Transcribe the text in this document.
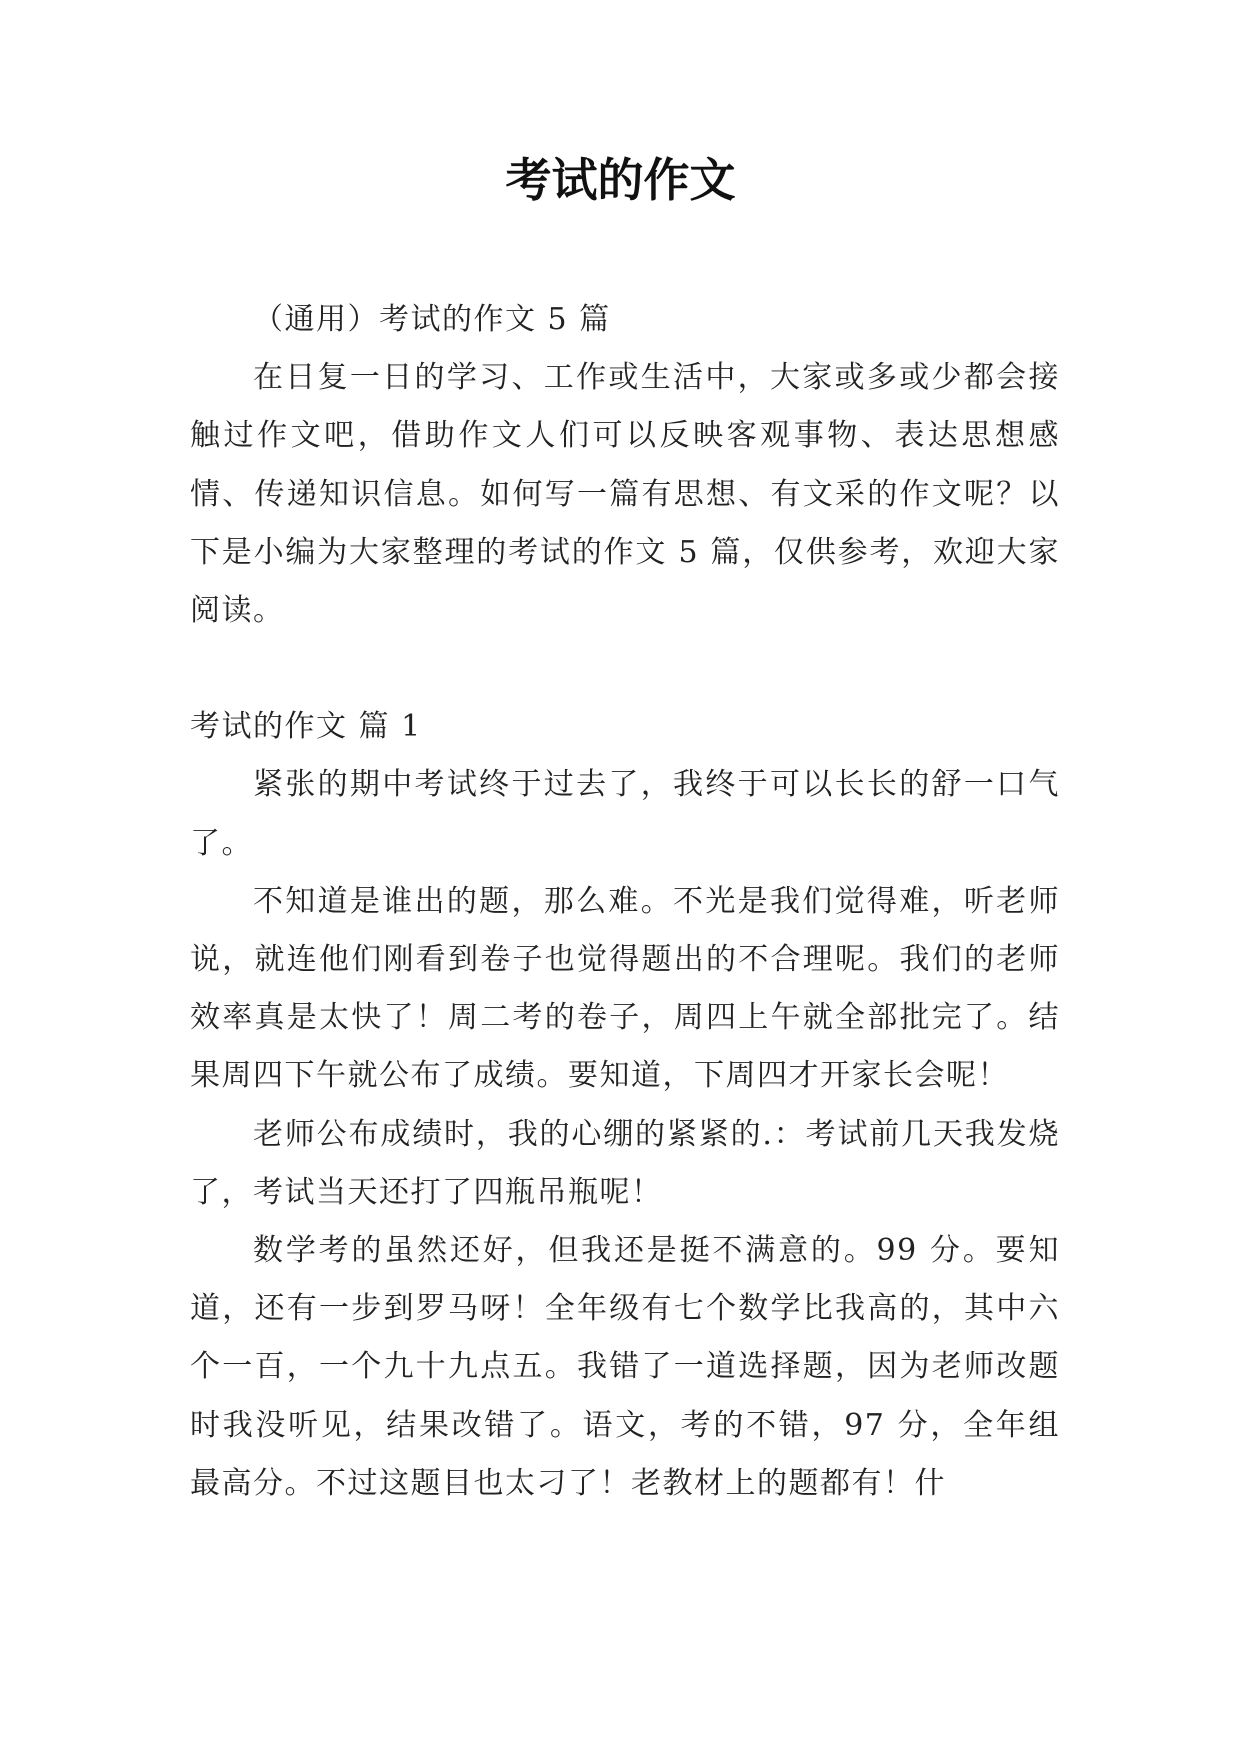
考试的作文

（通用）考试的作文 5 篇

在日复一日的学习、工作或生活中，大家或多或少都会接触过作文吧，借助作文人们可以反映客观事物、表达思想感情、传递知识信息。如何写一篇有思想、有文采的作文呢？以下是小编为大家整理的考试的作文 5 篇，仅供参考，欢迎大家阅读。

考试的作文 篇 1

紧张的期中考试终于过去了，我终于可以长长的舒一口气了。

不知道是谁出的题，那么难。不光是我们觉得难，听老师说，就连他们刚看到卷子也觉得题出的不合理呢。我们的老师效率真是太快了！周二考的卷子，周四上午就全部批完了。结果周四下午就公布了成绩。要知道，下周四才开家长会呢！

老师公布成绩时，我的心绷的紧紧的.：考试前几天我发烧了，考试当天还打了四瓶吊瓶呢！

数学考的虽然还好，但我还是挺不满意的。99 分。要知道，还有一步到罗马呀！全年级有七个数学比我高的，其中六个一百，一个九十九点五。我错了一道选择题，因为老师改题时我没听见，结果改错了。语文，考的不错，97 分，全年组最高分。不过这题目也太刁了！老教材上的题都有！什
